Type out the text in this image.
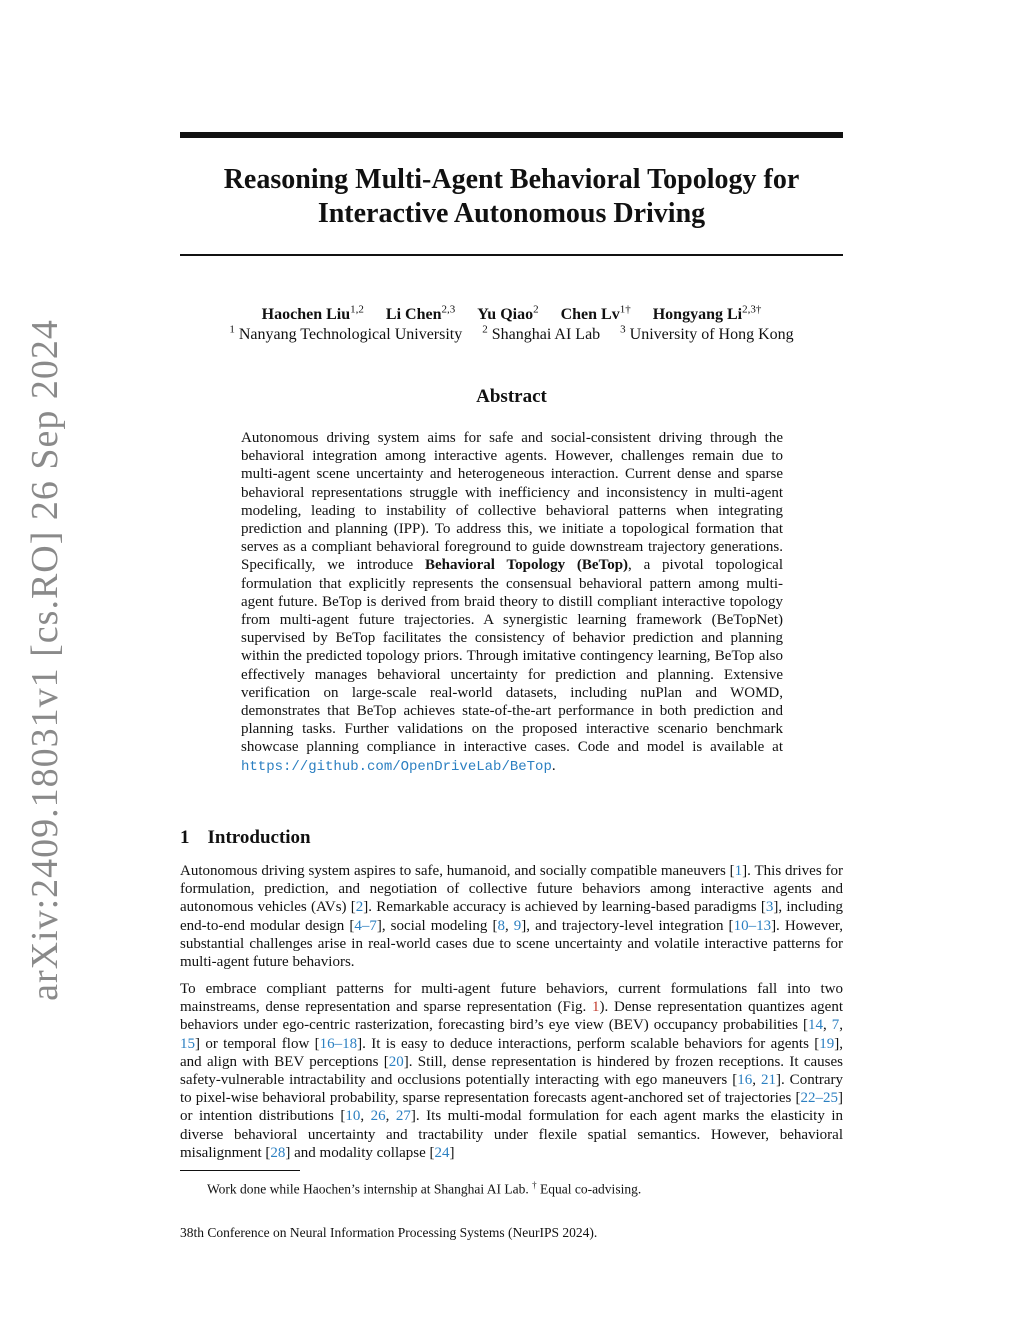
arXiv:2409.18031v1 [cs.RO] 26 Sep 2024
Reasoning Multi-Agent Behavioral Topology for
Interactive Autonomous Driving
Haochen Liu$^{1,2}$ Li Chen$^{2,3}$ Yu Qiao$^2$ Chen $Lv^{1\dagger}$ Hongyang $Li^{2,3\dagger}$
$^1$ Nanyang Technological University $^2$ Shanghai AI Lab $^3$ University of Hong Kong
Abstract
Autonomous driving system aims for safe and social-consistent driving through the behavioral integration among interactive agents. However, challenges remain due to multi-agent scene uncertainty and heterogeneous interaction. Current dense and sparse behavioral representations struggle with inefficiency and inconsistency in multi-agent modeling, leading to instability of collective behavioral patterns when integrating prediction and planning (IPP). To address this, we initiate a topological formation that serves as a compliant behavioral foreground to guide downstream trajectory generations. Specifically, we introduce Behavioral Topology (BeTop), a pivotal topological formulation that explicitly represents the consensual behavioral pattern among multi-agent future. BeTop is derived from braid theory to distill compliant interactive topology from multi-agent future trajectories. A synergistic learning framework (BeTopNet) supervised by BeTop facilitates the consistency of behavior prediction and planning within the predicted topology priors. Through imitative contingency learning, BeTop also effectively manages behavioral uncertainty for prediction and planning. Extensive verification on large-scale real-world datasets, including nuPlan and WOMD, demonstrates that BeTop achieves state-of-the-art performance in both prediction and planning tasks. Further validations on the proposed interactive scenario benchmark showcase planning compliance in interactive cases. Code and model is available at https://github.com/OpenDriveLab/BeTop.
1 Introduction
Autonomous driving system aspires to safe, humanoid, and socially compatible maneuvers [1]. This drives for formulation, prediction, and negotiation of collective future behaviors among interactive agents and autonomous vehicles (AVs) [2]. Remarkable accuracy is achieved by learning-based paradigms [3], including end-to-end modular design [4–7], social modeling [8, 9], and trajectory-level integration [10–13]. However, substantial challenges arise in real-world cases due to scene uncertainty and volatile interactive patterns for multi-agent future behaviors.
To embrace compliant patterns for multi-agent future behaviors, current formulations fall into two mainstreams, dense representation and sparse representation (Fig. 1). Dense representation quantizes agent behaviors under ego-centric rasterization, forecasting bird’s eye view (BEV) occupancy probabilities [14, 7, 15] or temporal flow [16–18]. It is easy to deduce interactions, perform scalable behaviors for agents [19], and align with BEV perceptions [20]. Still, dense representation is hindered by frozen receptions. It causes safety-vulnerable intractability and occlusions potentially interacting with ego maneuvers [16, 21]. Contrary to pixel-wise behavioral probability, sparse representation forecasts agent-anchored set of trajectories [22–25] or intention distributions [10, 26, 27]. Its multi-modal formulation for each agent marks the elasticity in diverse behavioral uncertainty and tractability under flexile spatial semantics. However, behavioral misalignment [28] and modality collapse [24]
Work done while Haochen’s internship at Shanghai AI Lab. † Equal co-advising.
38th Conference on Neural Information Processing Systems (NeurIPS 2024).
